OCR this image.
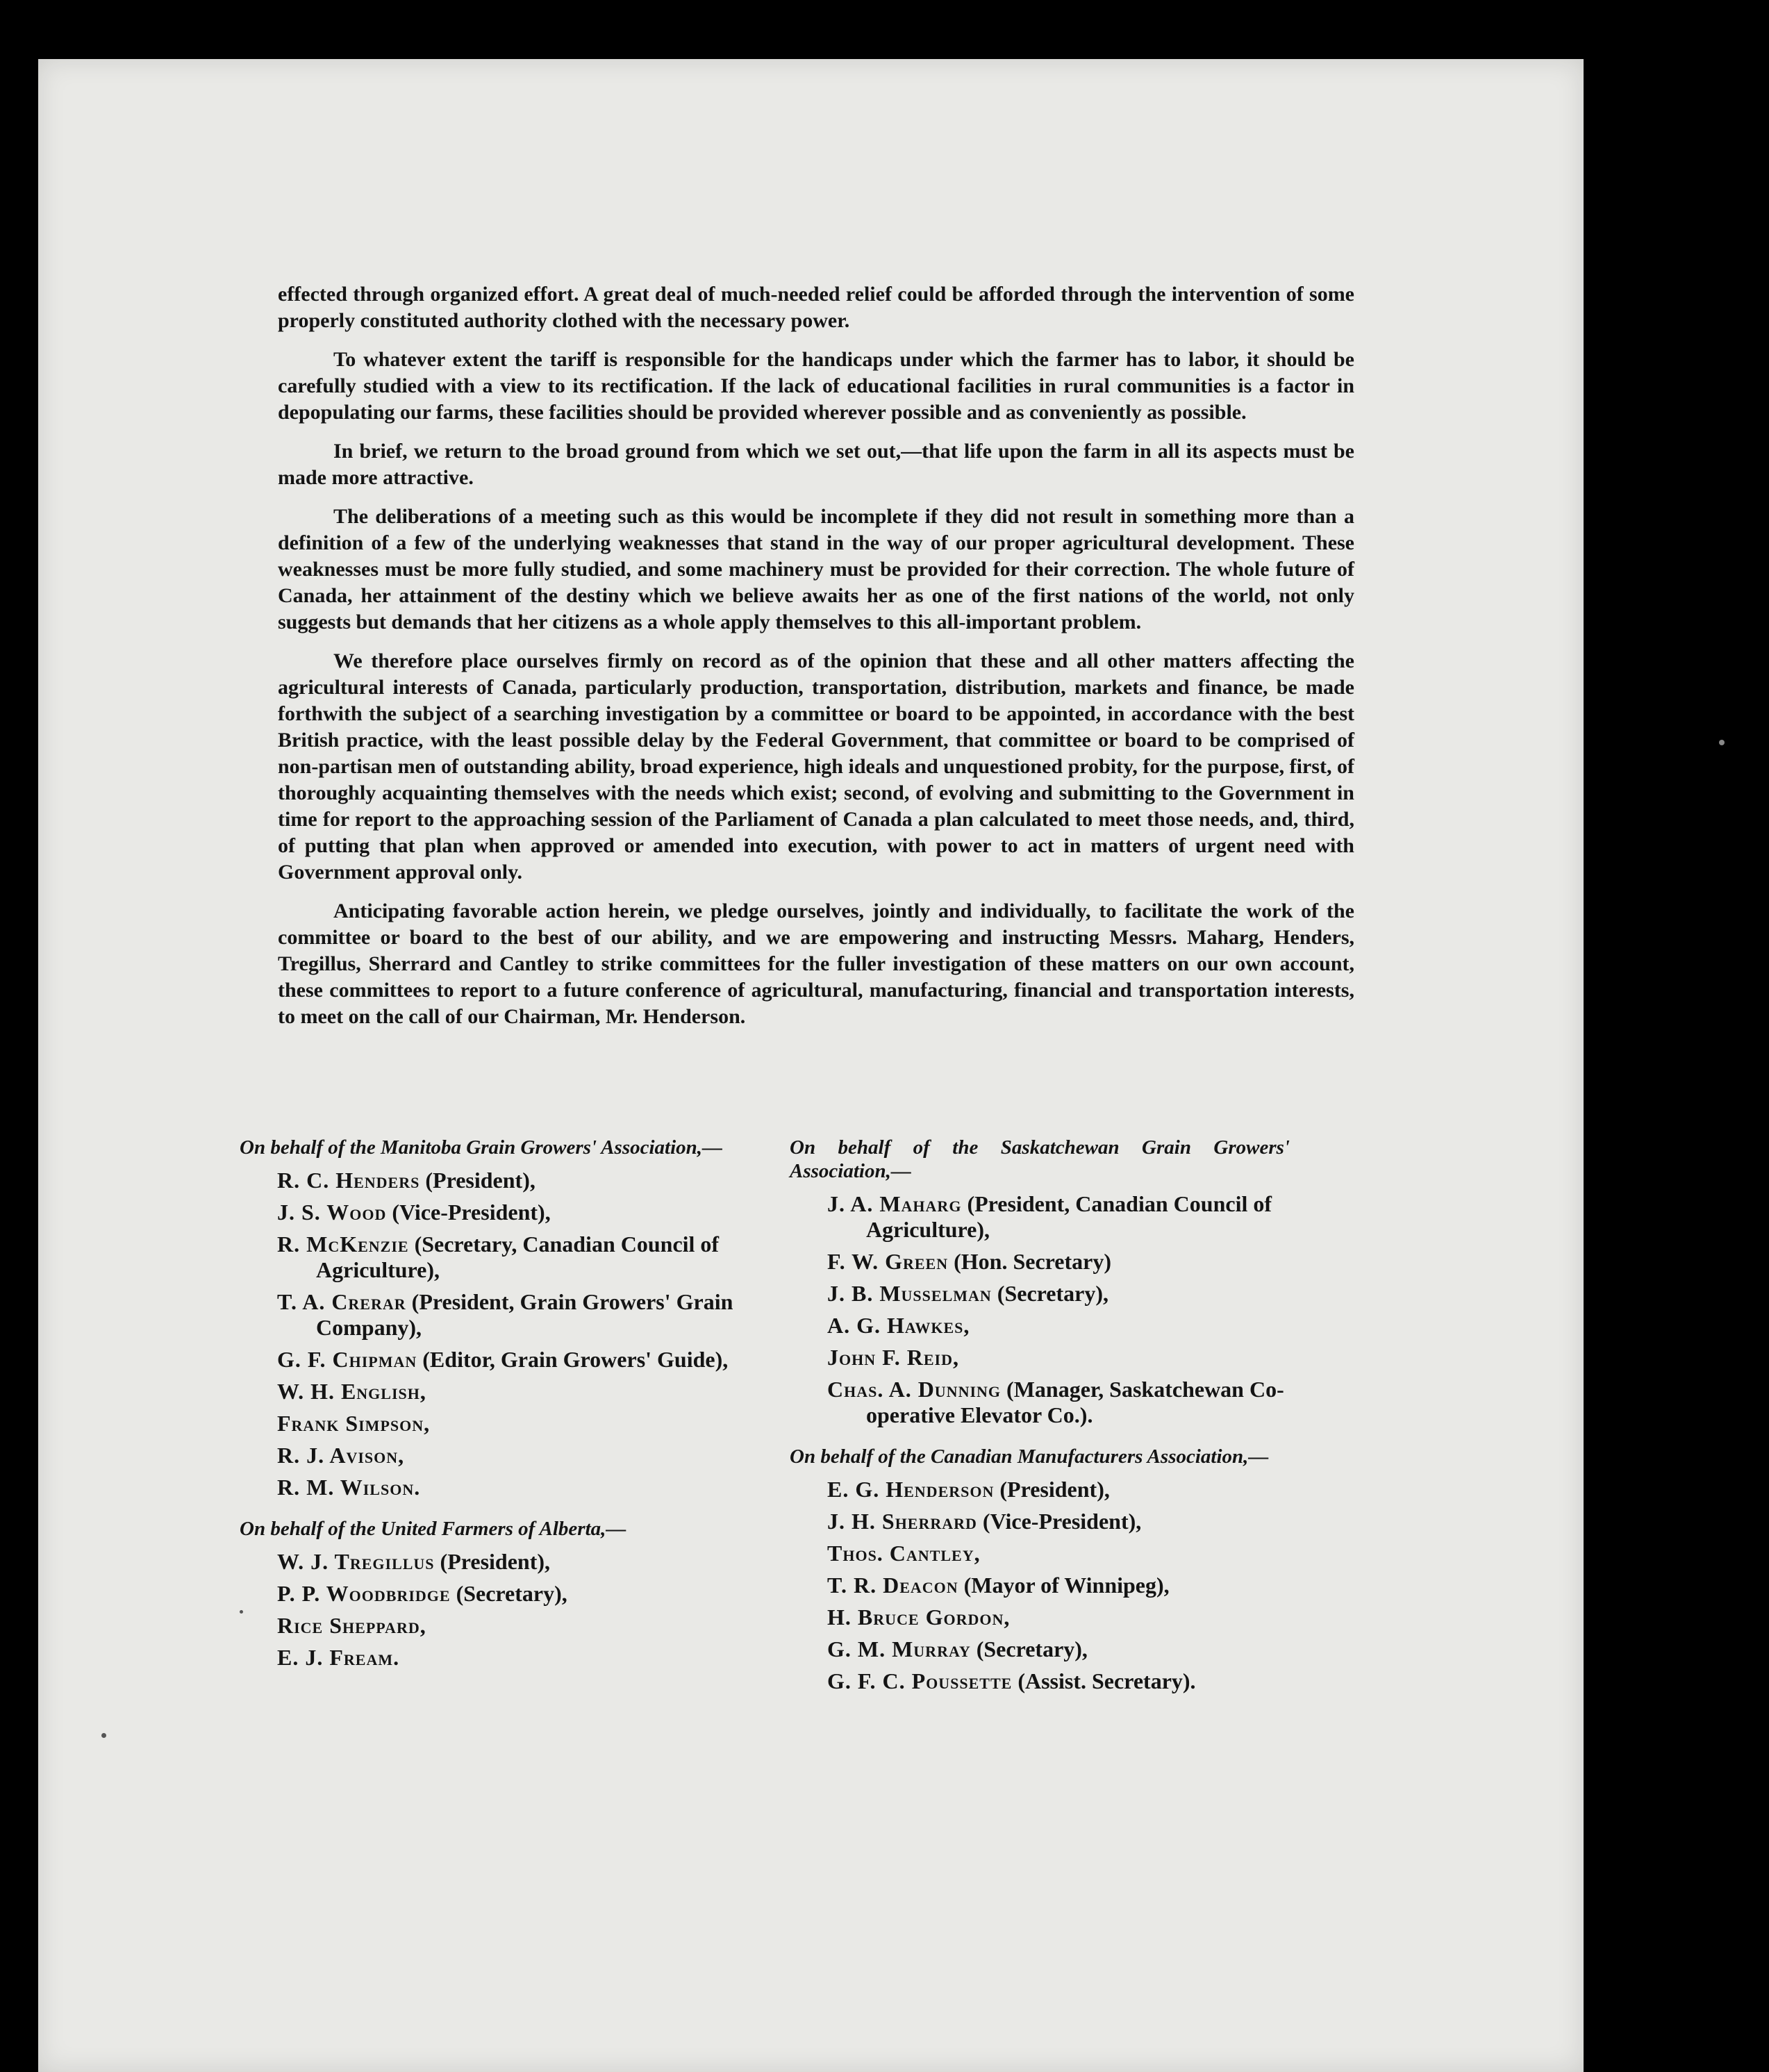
effected through organized effort. A great deal of much-needed relief could be afforded through the intervention of some properly constituted authority clothed with the necessary power.

To whatever extent the tariff is responsible for the handicaps under which the farmer has to labor, it should be carefully studied with a view to its rectification. If the lack of educational facilities in rural communities is a factor in depopulating our farms, these facilities should be provided wherever possible and as conveniently as possible.

In brief, we return to the broad ground from which we set out,—that life upon the farm in all its aspects must be made more attractive.

The deliberations of a meeting such as this would be incomplete if they did not result in something more than a definition of a few of the underlying weaknesses that stand in the way of our proper agricultural development. These weaknesses must be more fully studied, and some machinery must be provided for their correction. The whole future of Canada, her attainment of the destiny which we believe awaits her as one of the first nations of the world, not only suggests but demands that her citizens as a whole apply themselves to this all-important problem.

We therefore place ourselves firmly on record as of the opinion that these and all other matters affecting the agricultural interests of Canada, particularly production, transportation, distribution, markets and finance, be made forthwith the subject of a searching investigation by a committee or board to be appointed, in accordance with the best British practice, with the least possible delay by the Federal Government, that committee or board to be comprised of non-partisan men of outstanding ability, broad experience, high ideals and unquestioned probity, for the purpose, first, of thoroughly acquainting themselves with the needs which exist; second, of evolving and submitting to the Government in time for report to the approaching session of the Parliament of Canada a plan calculated to meet those needs, and, third, of putting that plan when approved or amended into execution, with power to act in matters of urgent need with Government approval only.

Anticipating favorable action herein, we pledge ourselves, jointly and individually, to facilitate the work of the committee or board to the best of our ability, and we are empowering and instructing Messrs. Maharg, Henders, Tregillus, Sherrard and Cantley to strike committees for the fuller investigation of these matters on our own account, these committees to report to a future conference of agricultural, manufacturing, financial and transportation interests, to meet on the call of our Chairman, Mr. Henderson.

On behalf of the Manitoba Grain Growers' Association,—
R. C. Henders (President),
J. S. Wood (Vice-President),
R. McKenzie (Secretary, Canadian Council of Agriculture),
T. A. Crerar (President, Grain Growers' Grain Company),
G. F. Chipman (Editor, Grain Growers' Guide),
W. H. English,
Frank Simpson,
R. J. Avison,
R. M. Wilson.
On behalf of the United Farmers of Alberta,—
W. J. Tregillus (President),
P. P. Woodbridge (Secretary),
Rice Sheppard,
E. J. Fream.
On behalf of the Saskatchewan Grain Growers' Association,—
J. A. Maharg (President, Canadian Council of Agriculture),
F. W. Green (Hon. Secretary)
J. B. Musselman (Secretary),
A. G. Hawkes,
John F. Reid,
Chas. A. Dunning (Manager, Saskatchewan Co-operative Elevator Co.).
On behalf of the Canadian Manufacturers Association,—
E. G. Henderson (President),
J. H. Sherrard (Vice-President),
Thos. Cantley,
T. R. Deacon (Mayor of Winnipeg),
H. Bruce Gordon,
G. M. Murray (Secretary),
G. F. C. Poussette (Assist. Secretary).
